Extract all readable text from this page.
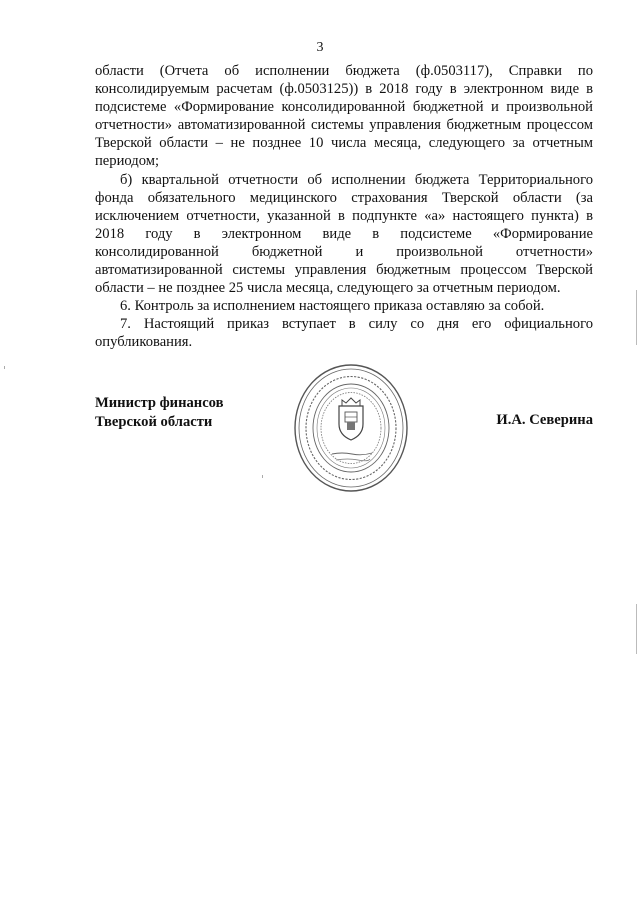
3

области (Отчета об исполнении бюджета (ф.0503117), Справки по консолидируемым расчетам (ф.0503125)) в 2018 году в электронном виде в подсистеме «Формирование консолидированной бюджетной и произвольной отчетности» автоматизированной системы управления бюджетным процессом Тверской области – не позднее 10 числа месяца, следующего за отчетным периодом;

б) квартальной отчетности об исполнении бюджета Территориального фонда обязательного медицинского страхования Тверской области (за исключением отчетности, указанной в подпункте «а» настоящего пункта) в 2018 году в электронном виде в подсистеме «Формирование консолидированной бюджетной и произвольной отчетности» автоматизированной системы управления бюджетным процессом Тверской области – не позднее 25 числа месяца, следующего за отчетным периодом.

6. Контроль за исполнением настоящего приказа оставляю за собой.

7. Настоящий приказ вступает в силу со дня его официального опубликования.

Министр финансов
Тверской области	И.А. Северина
